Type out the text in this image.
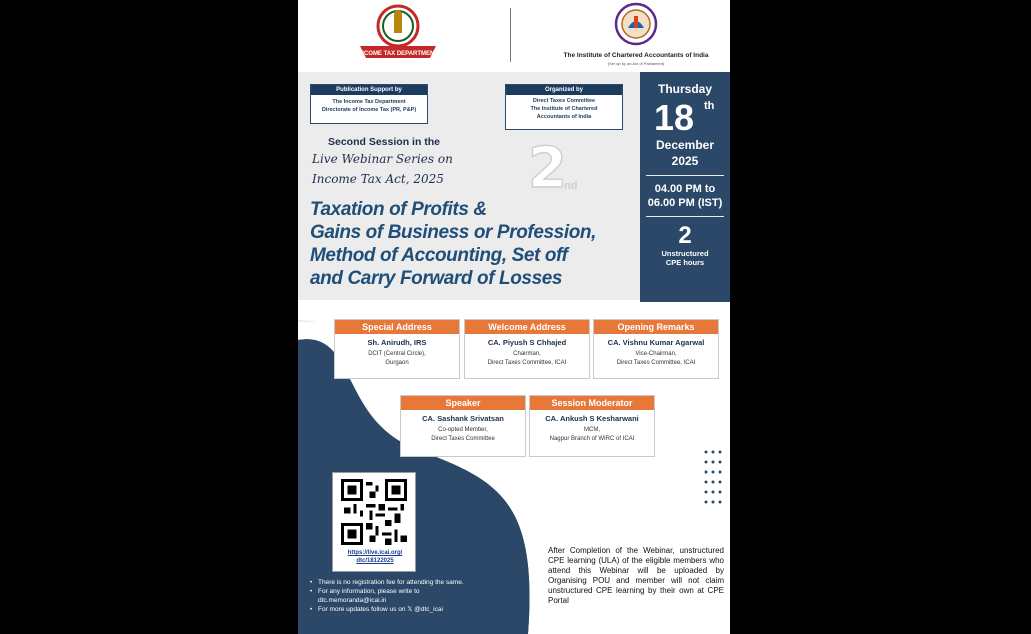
INCOME TAX DEPARTMENT	The Institute of Chartered Accountants of India
(Set up by an Act of Parliament)
Publication Support by
The Income Tax Department
Directorate of Income Tax (PR, P&P)
Organized by
Direct Taxes Committee
The Institute of Chartered
Accountants of India
Second Session in the
Live Webinar Series on
Income Tax Act, 2025 2
nd
Taxation of Profits &
Gains of Business or Profession,
Method of Accounting, Set off
and Carry Forward of Losses
Thursday
18 th
December
2025
04.00 PM to
06.00 PM (IST)
2
Unstructured
CPE hours
Special Address
Sh. Anirudh, IRS
DCIT (Central Circle),
Gurgaon
Welcome Address
CA. Piyush S Chhajed
Chairman,
Direct Taxes Committee, ICAI
Opening Remarks
CA. Vishnu Kumar Agarwal
Vice-Chairman,
Direct Taxes Committee, ICAI
Speaker
CA. Sashank Srivatsan
Co-opted Member,
Direct Taxes Committee
Session Moderator
CA. Ankush S Kesharwani
MCM,
Nagpur Branch of WIRC of ICAI
https://live.icai.org/
dtc/18122025
• There is no registration fee for attending the same.
• For any information, please write to
dtc.memoranda@icai.in
• For more updates follow us on 𝕏 @dtc_icai
After Completion of the Webinar, unstructured CPE learning (ULA) of the eligible members who attend this Webinar will be uploaded by Organising POU and member will not claim unstructured CPE learning by their own at CPE Portal
